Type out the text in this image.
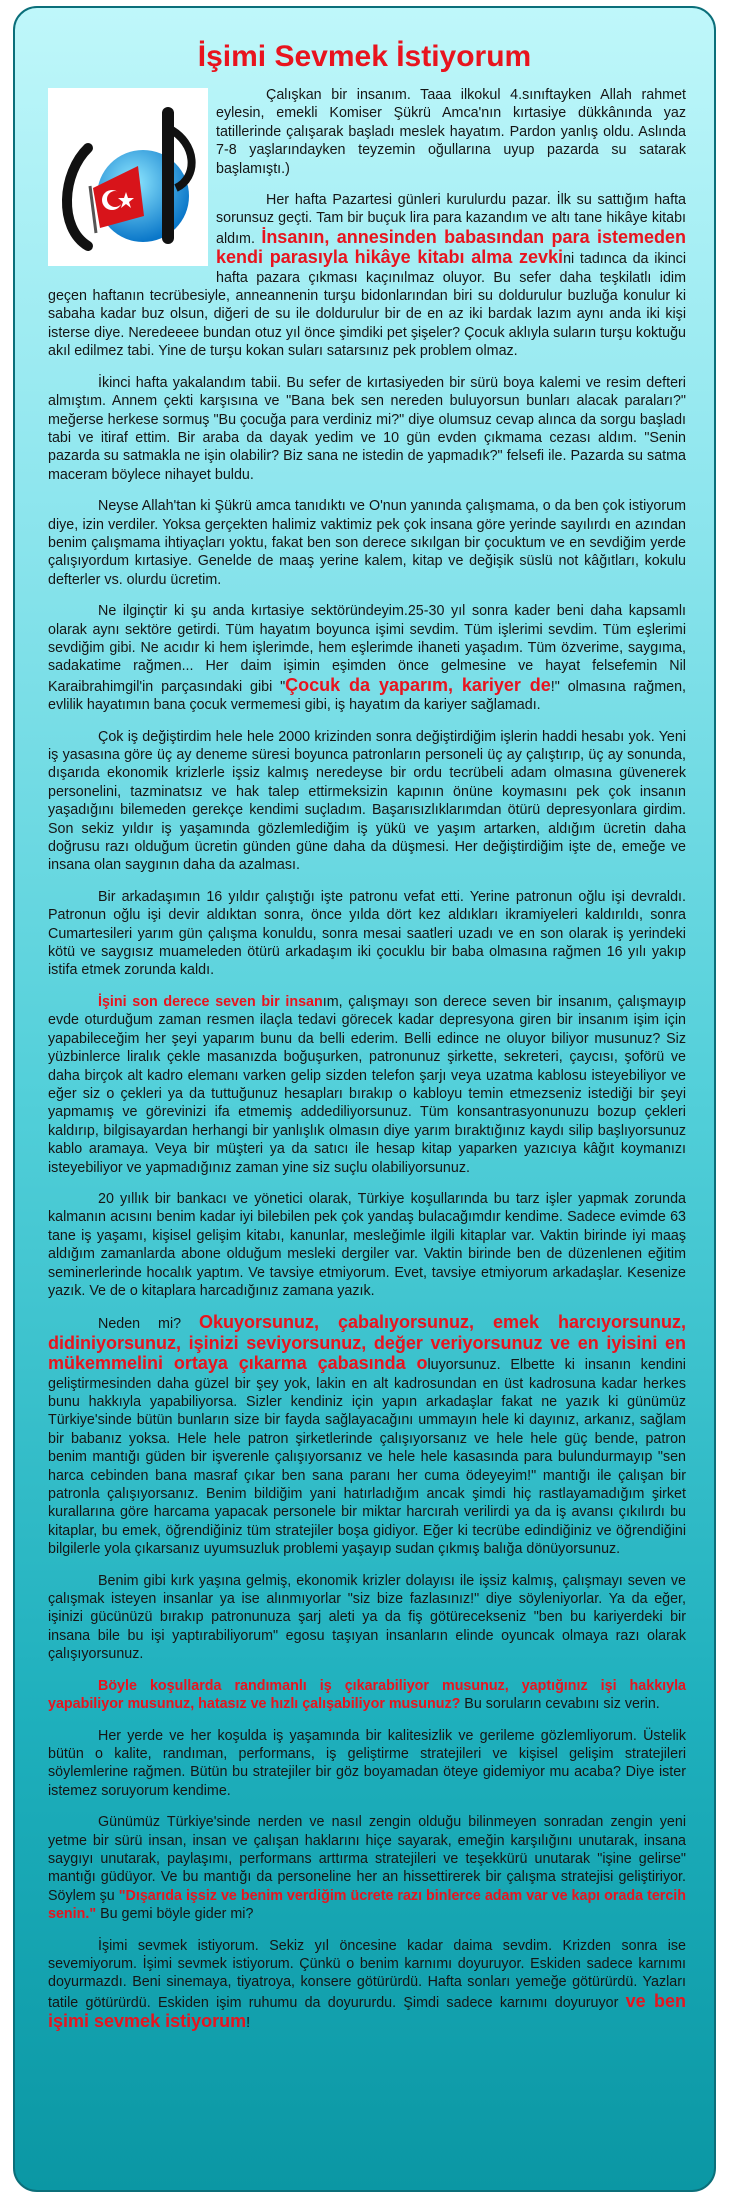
İşimi Sevmek İstiyorum

Çalışkan bir insanım. Taaa ilkokul 4.sınıftayken Allah rahmet eylesin, emekli Komiser Şükrü Amca'nın kırtasiye dükkânında yaz tatillerinde çalışarak başladı meslek hayatım. Pardon yanlış oldu. Aslında 7-8 yaşlarındayken teyzemin oğullarına uyup pazarda su satarak başlamıştı.)

Her hafta Pazartesi günleri kurulurdu pazar. İlk su sattığım hafta sorunsuz geçti. Tam bir buçuk lira para kazandım ve altı tane hikâye kitabı aldım. İnsanın, annesinden babasından para istemeden kendi parasıyla hikâye kitabı alma zevkini tadınca da ikinci hafta pazara çıkması kaçınılmaz oluyor. Bu sefer daha teşkilatlı idim geçen haftanın tecrübesiyle, anneannenin turşu bidonlarından biri su doldurulur buzluğa konulur ki sabaha kadar buz olsun, diğeri de su ile doldurulur bir de en az iki bardak lazım aynı anda iki kişi isterse diye. Neredeeee bundan otuz yıl önce şimdiki pet şişeler? Çocuk aklıyla suların turşu koktuğu akıl edilmez tabi. Yine de turşu kokan suları satarsınız pek problem olmaz.

İkinci hafta yakalandım tabii. Bu sefer de kırtasiyeden bir sürü boya kalemi ve resim defteri almıştım. Annem çekti karşısına ve "Bana bek sen nereden buluyorsun bunları alacak paraları?" meğerse herkese sormuş "Bu çocuğa para verdiniz mi?" diye olumsuz cevap alınca da sorgu başladı tabi ve itiraf ettim. Bir araba da dayak yedim ve 10 gün evden çıkmama cezası aldım. "Senin pazarda su satmakla ne işin olabilir? Biz sana ne istedin de yapmadık?" felsefi ile. Pazarda su satma maceram böylece nihayet buldu.

Neyse Allah'tan ki Şükrü amca tanıdıktı ve O'nun yanında çalışmama, o da ben çok istiyorum diye, izin verdiler. Yoksa gerçekten halimiz vaktimiz pek çok insana göre yerinde sayılırdı en azından benim çalışmama ihtiyaçları yoktu, fakat ben son derece sıkılgan bir çocuktum ve en sevdiğim yerde çalışıyordum kırtasiye. Genelde de maaş yerine kalem, kitap ve değişik süslü not kâğıtları, kokulu defterler vs. olurdu ücretim.

Ne ilginçtir ki şu anda kırtasiye sektöründeyim.25-30 yıl sonra kader beni daha kapsamlı olarak aynı sektöre getirdi. Tüm hayatım boyunca işimi sevdim. Tüm işlerimi sevdim. Tüm eşlerimi sevdiğim gibi. Ne acıdır ki hem işlerimde, hem eşlerimde ihaneti yaşadım. Tüm özverime, saygıma, sadakatime rağmen... Her daim işimin eşimden önce gelmesine ve hayat felsefemin Nil Karaibrahimgil'in parçasındaki gibi "Çocuk da yaparım, kariyer de!" olmasına rağmen, evlilik hayatımın bana çocuk vermemesi gibi, iş hayatım da kariyer sağlamadı.

Çok iş değiştirdim hele hele 2000 krizinden sonra değiştirdiğim işlerin haddi hesabı yok. Yeni iş yasasına göre üç ay deneme süresi boyunca patronların personeli üç ay çalıştırıp, üç ay sonunda, dışarıda ekonomik krizlerle işsiz kalmış neredeyse bir ordu tecrübeli adam olmasına güvenerek personelini, tazminatsız ve hak talep ettirmeksizin kapının önüne koymasını pek çok insanın yaşadığını bilemeden gerekçe kendimi suçladım. Başarısızlıklarımdan ötürü depresyonlara girdim. Son sekiz yıldır iş yaşamında gözlemlediğim iş yükü ve yaşım artarken, aldığım ücretin daha doğrusu razı olduğum ücretin günden güne daha da düşmesi. Her değiştirdiğim işte de, emeğe ve insana olan saygının daha da azalması.

Bir arkadaşımın 16 yıldır çalıştığı işte patronu vefat etti. Yerine patronun oğlu işi devraldı. Patronun oğlu işi devir aldıktan sonra, önce yılda dört kez aldıkları ikramiyeleri kaldırıldı, sonra Cumartesileri yarım gün çalışma konuldu, sonra mesai saatleri uzadı ve en son olarak iş yerindeki kötü ve saygısız muameleden ötürü arkadaşım iki çocuklu bir baba olmasına rağmen 16 yılı yakıp istifa etmek zorunda kaldı.

İşini son derece seven bir insanım, çalışmayı son derece seven bir insanım, çalışmayıp evde oturduğum zaman resmen ilaçla tedavi görecek kadar depresyona giren bir insanım işim için yapabileceğim her şeyi yaparım bunu da belli ederim. Belli edince ne oluyor biliyor musunuz? Siz yüzbinlerce liralık çekle masanızda boğuşurken, patronunuz şirkette, sekreteri, çaycısı, şoförü ve daha birçok alt kadro elemanı varken gelip sizden telefon şarjı veya uzatma kablosu isteyebiliyor ve eğer siz o çekleri ya da tuttuğunuz hesapları bırakıp o kabloyu temin etmezseniz istediği bir şeyi yapmamış ve görevinizi ifa etmemiş addediliyorsunuz. Tüm konsantrasyonunuzu bozup çekleri kaldırıp, bilgisayardan herhangi bir yanlışlık olmasın diye yarım bıraktığınız kaydı silip başlıyorsunuz kablo aramaya. Veya bir müşteri ya da satıcı ile hesap kitap yaparken yazıcıya kâğıt koymanızı isteyebiliyor ve yapmadığınız zaman yine siz suçlu olabiliyorsunuz.

20 yıllık bir bankacı ve yönetici olarak, Türkiye koşullarında bu tarz işler yapmak zorunda kalmanın acısını benim kadar iyi bilebilen pek çok yandaş bulacağımdır kendime. Sadece evimde 63 tane iş yaşamı, kişisel gelişim kitabı, kanunlar, mesleğimle ilgili kitaplar var. Vaktin birinde iyi maaş aldığım zamanlarda abone olduğum mesleki dergiler var. Vaktin birinde ben de düzenlenen eğitim seminerlerinde hocalık yaptım. Ve tavsiye etmiyorum. Evet, tavsiye etmiyorum arkadaşlar. Kesenize yazık. Ve de o kitaplara harcadığınız zamana yazık.

Neden mi? Okuyorsunuz, çabalıyorsunuz, emek harcıyorsunuz, didiniyorsunuz, işinizi seviyorsunuz, değer veriyorsunuz ve en iyisini en mükemmelini ortaya çıkarma çabasında oluyorsunuz. Elbette ki insanın kendini geliştirmesinden daha güzel bir şey yok, lakin en alt kadrosundan en üst kadrosuna kadar herkes bunu hakkıyla yapabiliyorsa. Sizler kendiniz için yapın arkadaşlar fakat ne yazık ki günümüz Türkiye'sinde bütün bunların size bir fayda sağlayacağını ummayın hele ki dayınız, arkanız, sağlam bir babanız yoksa. Hele hele patron şirketlerinde çalışıyorsanız ve hele hele güç bende, patron benim mantığı güden bir işverenle çalışıyorsanız ve hele hele kasasında para bulundurmayıp "sen harca cebinden bana masraf çıkar ben sana paranı her cuma ödeyeyim!" mantığı ile çalışan bir patronla çalışıyorsanız. Benim bildiğim yani hatırladığım ancak şimdi hiç rastlayamadığım şirket kurallarına göre harcama yapacak personele bir miktar harcırah verilirdi ya da iş avansı çıkılırdı bu kitaplar, bu emek, öğrendiğiniz tüm stratejiler boşa gidiyor. Eğer ki tecrübe edindiğiniz ve öğrendiğini bilgilerle yola çıkarsanız uyumsuzluk problemi yaşayıp sudan çıkmış balığa dönüyorsunuz.

Benim gibi kırk yaşına gelmiş, ekonomik krizler dolayısı ile işsiz kalmış, çalışmayı seven ve çalışmak isteyen insanlar ya ise alınmıyorlar "siz bize fazlasınız!" diye söyleniyorlar. Ya da eğer, işinizi gücünüzü bırakıp patronunuza şarj aleti ya da fiş götürecekseniz "ben bu kariyerdeki bir insana bile bu işi yaptırabiliyorum" egosu taşıyan insanların elinde oyuncak olmaya razı olarak çalışıyorsunuz.

Böyle koşullarda randımanlı iş çıkarabiliyor musunuz, yaptığınız işi hakkıyla yapabiliyor musunuz, hatasız ve hızlı çalışabiliyor musunuz? Bu soruların cevabını siz verin.

Her yerde ve her koşulda iş yaşamında bir kalitesizlik ve gerileme gözlemliyorum. Üstelik bütün o kalite, randıman, performans, iş geliştirme stratejileri ve kişisel gelişim stratejileri söylemlerine rağmen. Bütün bu stratejiler bir göz boyamadan öteye gidemiyor mu acaba? Diye ister istemez soruyorum kendime.

Günümüz Türkiye'sinde nerden ve nasıl zengin olduğu bilinmeyen sonradan zengin yeni yetme bir sürü insan, insan ve çalışan haklarını hiçe sayarak, emeğin karşılığını unutarak, insana saygıyı unutarak, paylaşımı, performans arttırma stratejileri ve teşekkürü unutarak "işine gelirse" mantığı güdüyor. Ve bu mantığı da personeline her an hissettirerek bir çalışma stratejisi geliştiriyor. Söylem şu "Dışarıda işsiz ve benim verdiğim ücrete razı binlerce adam var ve kapı orada tercih senin." Bu gemi böyle gider mi?

İşimi sevmek istiyorum. Sekiz yıl öncesine kadar daima sevdim. Krizden sonra ise sevemiyorum. İşimi sevmek istiyorum. Çünkü o benim karnımı doyuruyor. Eskiden sadece karnımı doyurmazdı. Beni sinemaya, tiyatroya, konsere götürürdü. Hafta sonları yemeğe götürürdü. Yazları tatile götürürdü. Eskiden işim ruhumu da doyururdu. Şimdi sadece karnımı doyuruyor ve ben işimi sevmek istiyorum!
